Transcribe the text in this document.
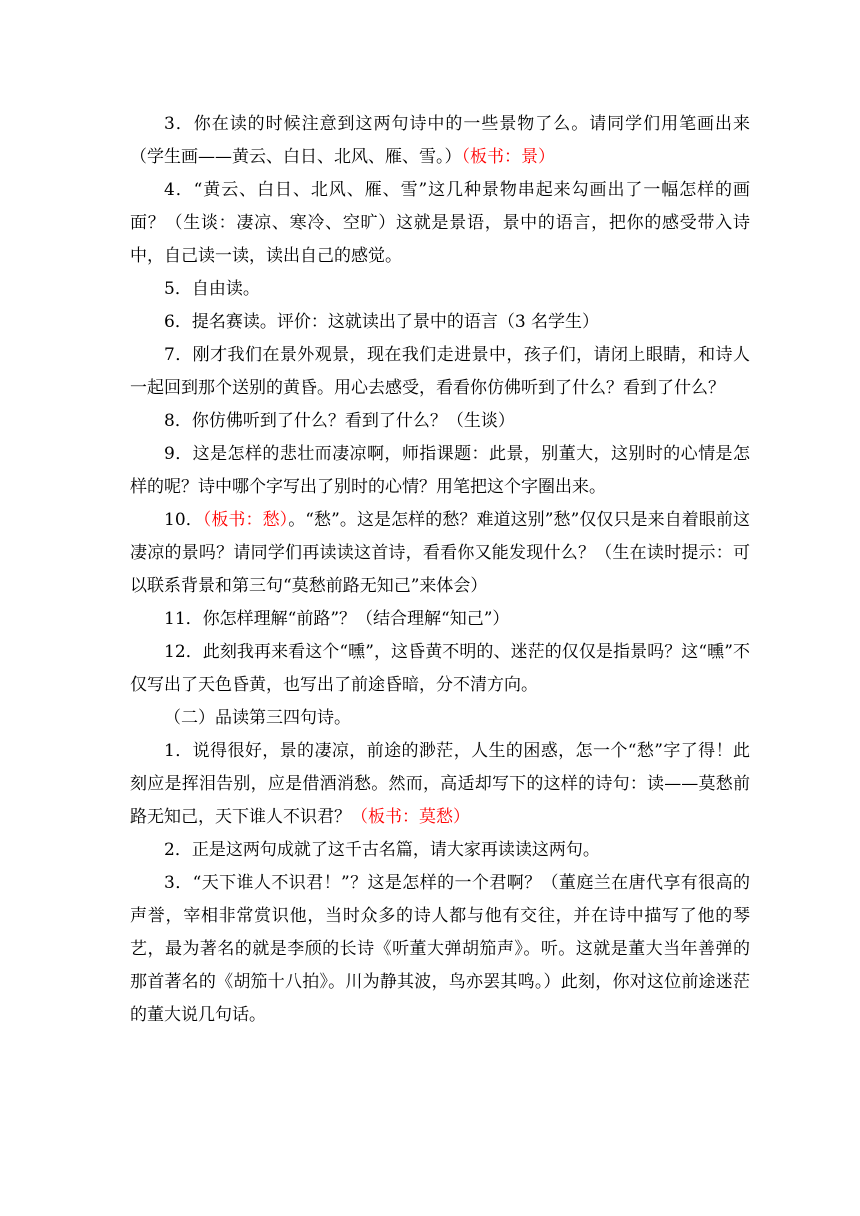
3．你在读的时候注意到这两句诗中的一些景物了么。请同学们用笔画出来（学生画——黄云、白日、北风、雁、雪。）（板书：景）

4．“黄云、白日、北风、雁、雪”这几种景物串起来勾画出了一幅怎样的画面？（生谈：凄凉、寒冷、空旷）这就是景语，景中的语言，把你的感受带入诗中，自己读一读，读出自己的感觉。

5．自由读。

6．提名赛读。评价：这就读出了景中的语言（3 名学生）

7．刚才我们在景外观景，现在我们走进景中，孩子们，请闭上眼睛，和诗人一起回到那个送别的黄昏。用心去感受，看看你仿佛听到了什么？看到了什么？

8．你仿佛听到了什么？看到了什么？（生谈）

9．这是怎样的悲壮而凄凉啊，师指课题：此景，别董大，这别时的心情是怎样的呢？诗中哪个字写出了别时的心情？用笔把这个字圈出来。

10．（板书：愁）。“愁”。这是怎样的愁？难道这别”愁”仅仅只是来自着眼前这凄凉的景吗？请同学们再读读这首诗，看看你又能发现什么？（生在读时提示：可以联系背景和第三句“莫愁前路无知己”来体会）

11．你怎样理解“前路”？（结合理解“知己”）

12．此刻我再来看这个“曛”，这昏黄不明的、迷茫的仅仅是指景吗？这“曛”不仅写出了天色昏黄，也写出了前途昏暗，分不清方向。

（二）品读第三四句诗。

1．说得很好，景的凄凉，前途的渺茫，人生的困惑，怎一个“愁”字了得！此刻应是挥泪告别，应是借酒消愁。然而，高适却写下的这样的诗句：读——莫愁前路无知己，天下谁人不识君？（板书：莫愁）

2．正是这两句成就了这千古名篇，请大家再读读这两句。

3．“天下谁人不识君！”？这是怎样的一个君啊？（董庭兰在唐代享有很高的声誉，宰相非常赏识他，当时众多的诗人都与他有交往，并在诗中描写了他的琴艺，最为著名的就是李颀的长诗《听董大弹胡笳声》。听。这就是董大当年善弹的那首著名的《胡笳十八拍》。川为静其波，鸟亦罢其鸣。）此刻，你对这位前途迷茫的董大说几句话。
